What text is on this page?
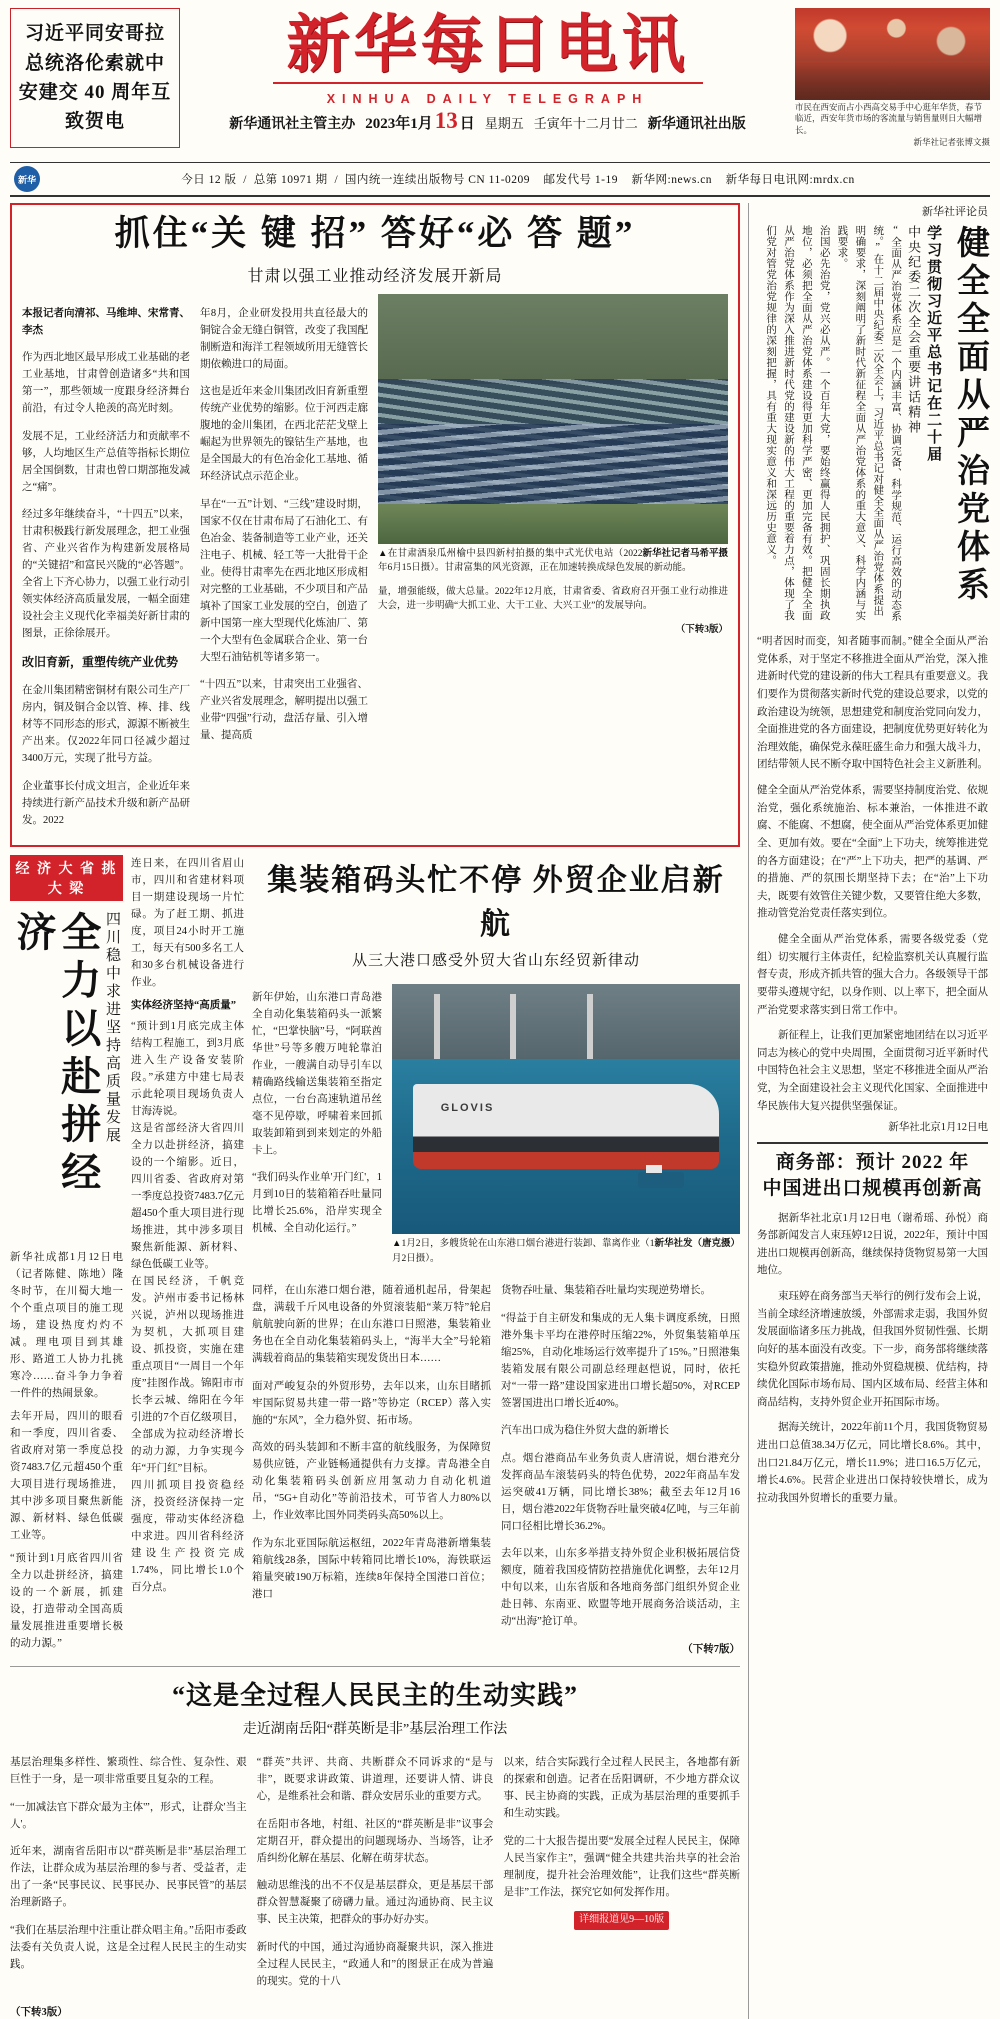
习近平同安哥拉总统洛伦索就中安建交 40 周年互致贺电
新华每日电讯
XINHUA DAILY TELEGRAPH
新华通讯社主管主办 2023年1月13 日 星期五 壬寅年十二月廿二 新华通讯社出版
市民在西安而占小西高交易手中心逛年华货，春节临近，西安年货市场的客流量与销售量则日大幅增长。
新华社记者张博文摄
新华	今日 12 版  /  总第 10971 期  /  国内统一连续出版物号 CN 11-0209 邮发代号 1-19 新华网:news.cn 新华每日电讯网:mrdx.cn
抓住“关 键 招” 答好“必 答 题”
甘肃以强工业推动经济发展开新局

本报记者向清祁、马维坤、宋常青、李杰

作为西北地区最早形成工业基础的老工业基地，甘肃曾创造诸多“共和国第一”，那些领域一度跟身经济舞台前沿，有过令人艳羡的高光时刻。

发展不足，工业经济活力和贡献率不够，人均地区生产总值等指标长期位居全国倒数，甘肃也曾口期部拖发减之“痛”。

经过多年继续奋斗，“十四五”以来，甘肃积极践行新发展理念，把工业强省、产业兴省作为构建新发展格局的“关键招”和富民兴陇的“必答题”。全省上下齐心协力，以强工业行动引领实体经济高质量发展，一幅全面建设社会主义现代化幸福美好新甘肃的图景，正徐徐展开。

改旧育新，重塑传统产业优势

在金川集团精密铜材有限公司生产厂房内，铜及铜合金以管、棒、排、线材等不同形态的形式，源源不断被生产出来。仅2022年同口径减少超过3400万元，实现了批号方益。

企业董事长付成文坦言，企业近年来持续进行新产品技术升级和新产品研发。2022

年8月，企业研发投用共直径最大的铜锭合金无缝白铜管，改变了我国配制断造和海洋工程领域所用无缝管长期依赖进口的局面。

这也是近年来金川集团改旧育新重塑传统产业优势的缩影。位于河西走廊腹地的金川集团，在西北茫茫戈壁上崛起为世界领先的镍钴生产基地，也是全国最大的有色冶金化工基地、循环经济试点示范企业。

早在“一五”计划、“三线”建设时期，国家不仅在甘肃布局了石油化工、有色冶金、装备制造等工业产业，还关注电子、机械、轻工等一大批骨干企业。使得甘肃率先在西北地区形成相对完整的工业基础，不少项目和产品填补了国家工业发展的空白，创造了新中国第一座大型现代化炼油厂、第一个大型有色金属联合企业、第一台大型石油钻机等诸多第一。

“十四五”以来，甘肃突出工业强省、产业兴省发展理念，解明提出以强工业带“四强”行动，盘活存量、引入增量、提高质

新华社记者马希平摄
▲在甘肃酒泉瓜州榆中县四新村拍摄的集中式光伏电站（2022年6月15日摄）。甘肃富集的风光资源，正在加速转换成绿色发展的新动能。

量，增强能级，做大总量。2022年12月底，甘肃省委、省政府召开强工业行动推进大会，进一步明确“大抓工业、大干工业、大兴工业”的发展导向。

（下转3版）
经 济 大 省 挑 大 梁
全力以赴拼经济	四川稳中求进坚持高质量发展
新华社成都1月12日电（记者陈健、陈地）隆冬时节，在川蜀大地一个个重点项目的施工现场，建设热度灼灼不减。理电项目到其雄形、路道工人协力扎挑寒冷……奋斗争力争着一件件的热闹景象。
去年开局，四川的眼看和一季度，四川省委、省政府对第一季度总投资7483.7亿元超450个重大项目进行现场推进，其中涉多项目聚焦新能源、新材料、绿色低碳工业等。
“预计到1月底省四川省全力以赴拼经济，搞建设的一个新展，抓建设，打造带动全国高质量发展推进重要增长极的动力源。”
连日来，在四川省眉山市，四川和省建材料项目一期建设现场一片忙碌。为了赶工期、抓进度，项目24小时开工施工，每天有500多名工人和30多台机械设备进行作业。
实体经济坚持“高质量”
“预计到1月底完成主体结构工程施工，到3月底进入生产设备安装阶段。”承建方中建七局表示此轮项目现场负责人甘海涛说。
这是省部经济大省四川全力以赴拼经济，搞建设的一个缩影。近日，四川省委、省政府对第一季度总投资7483.7亿元超450个重大项目进行现场推进，其中涉多项目聚焦新能源、新材料、绿色低碳工业等。
在国民经济，千帆竞发。泸州市委书记杨林兴说，泸州以现场推进为契机，大抓项目建设、抓投资，实施在建重点项目“一周目一个年度”挂图作战。锦阳市市长李云城、绵阳在今年引进的7个百亿级项目，全部成为拉动经济增长的动力源，力争实现今年“开门红”目标。
四川抓项目投资稳经济，投资经济保持一定强度，带动实体经济稳中求进。四川省科经济建设生产投资完成1.74%，同比增长1.0个百分点。
集装箱码头忙不停 外贸企业启新航
从三大港口感受外贸大省山东经贸新律动

新年伊始，山东港口青岛港全自动化集装箱码头一派繁忙，“巴掌快脑”号，“阿联酋华世”号等多艘万吨轮靠泊作业，一艘满自动导引车以精确路线输送集装箱至指定点位，一台台高速轨道吊丝毫不见停歇，呼啸着来回抓取装卸箱到到来划定的外船卡上。

“我们码头作业单'开门红'，1月到10日的装箱箱吞吐量同比增长25.6%，沿岸实现全机械、全自动化运行。”

GLOVIS
新华社发（唐克摄）
▲1月2日，多艘货轮在山东港口烟台港进行装卸、靠离作业（1月2日摄）。

同样，在山东港口烟台港，随着通机起吊，骨架起盘，满载千斤风电设备的外贸滚装船“莱万特”轮启航航驶向新的世界；在山东港口日照港，集装箱业务也在全自动化集装箱码头上，“海半大全”号轮箱满载着商品的集装箱实现发货出日本……

面对严峻复杂的外贸形势，去年以来，山东目睹抓牢国际贸易共建一带一路”等协定（RCEP）落入实施的“东风”，全力稳外贸、拓市场。

高效的码头装卸和不断丰富的航线服务，为保障贸易供应链，产业链畅通提供有力支撑。青岛港全自动化集装箱码头创新应用氢动力自动化机道吊，“5G+自动化”等前沿技术，可节省人力80%以上，作业效率比国外同类码头高50%以上。

作为东北亚国际航运枢纽，2022年青岛港新增集装箱航线28条，国际中转箱同比增长10%，海铁联运箱量突破190万标箱，连续8年保持全国港口首位；港口

货物吞吐量、集装箱吞吐量均实现逆势增长。

“得益于自主研发和集成的无人集卡调度系统，日照港外集卡平均在港停时压缩22%，外贸集装箱单压缩25%，自动化堆场运行效率提升了15%。”日照港集装箱发展有限公司副总经理赵恺说，同时，依托对“一带一路”建设国家进出口增长超50%，对RCEP签署国进出口增长近40%。

汽车出口成为稳住外贸大盘的新增长

点。烟台港商品车业务负责人唐清说，烟台港充分发挥商品车滚装码头的特色优势，2022年商品车发运突破41万辆，同比增长38%；截至去年12月16日，烟台港2022年货物吞吐量突破4亿吨，与三年前同口径相比增长36.2%。

去年以来，山东多举措支持外贸企业积极拓展信贷额度，随着我国疫情防控措施优化调整，去年12月中旬以来，山东省版和各地商务部门组织外贸企业赴日韩、东南亚、欧盟等地开展商务洽谈活动，主动“出海”抢订单。

（下转7版）
“这是全过程人民民主的生动实践”
走近湖南岳阳“群英断是非”基层治理工作法

基层治理集多样性、繁琐性、综合性、复杂性、艰巨性于一身，是一项非常重要且复杂的工程。

“一加减法官下群众'最为主体'”，形式，让群众'当主人'。

近年来，湖南省岳阳市以“群英断是非”基层治理工作法，让群众成为基层治理的参与者、受益者，走出了一条“民事民议、民事民办、民事民管”的基层治理新路子。

“我们在基层治理中注重让群众唱主角。”岳阳市委政法委有关负责人说，这是全过程人民民主的生动实践。

“群英”共评、共商、共断群众不同诉求的“是与非”，既要求讲政策、讲道理，还要讲人情、讲良心，是维系社会和谐、群众安居乐业的重要方式。

在岳阳市各地，村组、社区的“群英断是非”议事会定期召开，群众提出的问题现场办、当场答，让矛盾纠纷化解在基层、化解在萌芽状态。

触动思维浅的出不不仅是基层群众，更是基层干部群众智慧凝聚了磅礴力量。通过沟通协商、民主议事、民主决策，把群众的事办好办实。

新时代的中国，通过沟通协商凝聚共识，深入推进全过程人民民主，“政通人和”的图景正在成为普遍的现实。党的十八

以来，结合实际践行全过程人民民主，各地都有新的探索和创造。记者在岳阳调研，不少地方群众议事、民主协商的实践，正成为基层治理的重要抓手和生动实践。

党的二十大报告提出要“发展全过程人民民主，保障人民当家作主”，强调“健全共建共治共享的社会治理制度，提升社会治理效能”，让我们这些“群英断是非”工作法，探究它如何发挥作用。

详细报道见9—10版

（下转3版）
新华社评论员
健全全面从严治党体系
学习贯彻习近平总书记在二十届
中央纪委二次全会重要讲话精神
“全面从严治党体系应是一个内涵丰富、协调完备、科学规范、运行高效的动态系统。”在十二届中央纪委二次全会上，习近平总书记对健全全面从严治党体系提出明确要求，深刻阐明了新时代新征程全面从严治党体系的重大意义、科学内涵与实践要求。
治国必先治党，党兴必从严。一个百年大党，要始终赢得人民拥护、巩固长期执政地位，必须把全面从严治党体系建设得更加科学严密、更加完备有效。把健全全面从严治党体系作为深入推进新时代党的建设新的伟大工程的重要着力点，体现了我们党对管党治党规律的深刻把握，具有重大现实意义和深远历史意义。
“明者因时而变，知者随事而制。”健全全面从严治党体系，对于坚定不移推进全面从严治党，深入推进新时代党的建设新的伟大工程具有重要意义。我们要作为贯彻落实新时代党的建设总要求，以党的政治建设为统领，思想建党和制度治党同向发力，全面推进党的各方面建设，把制度优势更好转化为治理效能，确保党永葆旺盛生命力和强大战斗力，团结带领人民不断夺取中国特色社会主义新胜利。
健全全面从严治党体系，需要坚持制度治党、依规治党，强化系统施治、标本兼治，一体推进不敢腐、不能腐、不想腐，使全面从严治党体系更加健全、更加有效。要在“全面”上下功夫，统筹推进党的各方面建设；在“严”上下功夫，把严的基调、严的措施、严的氛围长期坚持下去；在“治”上下功夫，既要有效管住关键少数，又要管住绝大多数，推动管党治党责任落实到位。
健全全面从严治党体系，需要各级党委（党组）切实履行主体责任，纪检监察机关认真履行监督专责，形成齐抓共管的强大合力。各级领导干部要带头遵规守纪，以身作则、以上率下，把全面从严治党要求落实到日常工作中。
新征程上，让我们更加紧密地团结在以习近平同志为核心的党中央周围，全面贯彻习近平新时代中国特色社会主义思想，坚定不移推进全面从严治党，为全面建设社会主义现代化国家、全面推进中华民族伟大复兴提供坚强保证。
新华社北京1月12日电
商务部：预计 2022 年
中国进出口规模再创新高
据新华社北京1月12日电（谢希瑶、孙悦）商务部新闻发言人束珏婷12日说，2022年，预计中国进出口规模再创新高，继续保持货物贸易第一大国地位。
束珏婷在商务部当天举行的例行发布会上说，当前全球经济增速放缓，外部需求走弱，我国外贸发展面临诸多压力挑战，但我国外贸韧性强、长期向好的基本面没有改变。下一步，商务部将继续落实稳外贸政策措施，推动外贸稳规模、优结构，持续优化国际市场布局、国内区域布局、经营主体和商品结构，支持外贸企业开拓国际市场。
据海关统计，2022年前11个月，我国货物贸易进出口总值38.34万亿元，同比增长8.6%。其中，出口21.84万亿元，增长11.9%；进口16.5万亿元，增长4.6%。民营企业进出口保持较快增长，成为拉动我国外贸增长的重要力量。
